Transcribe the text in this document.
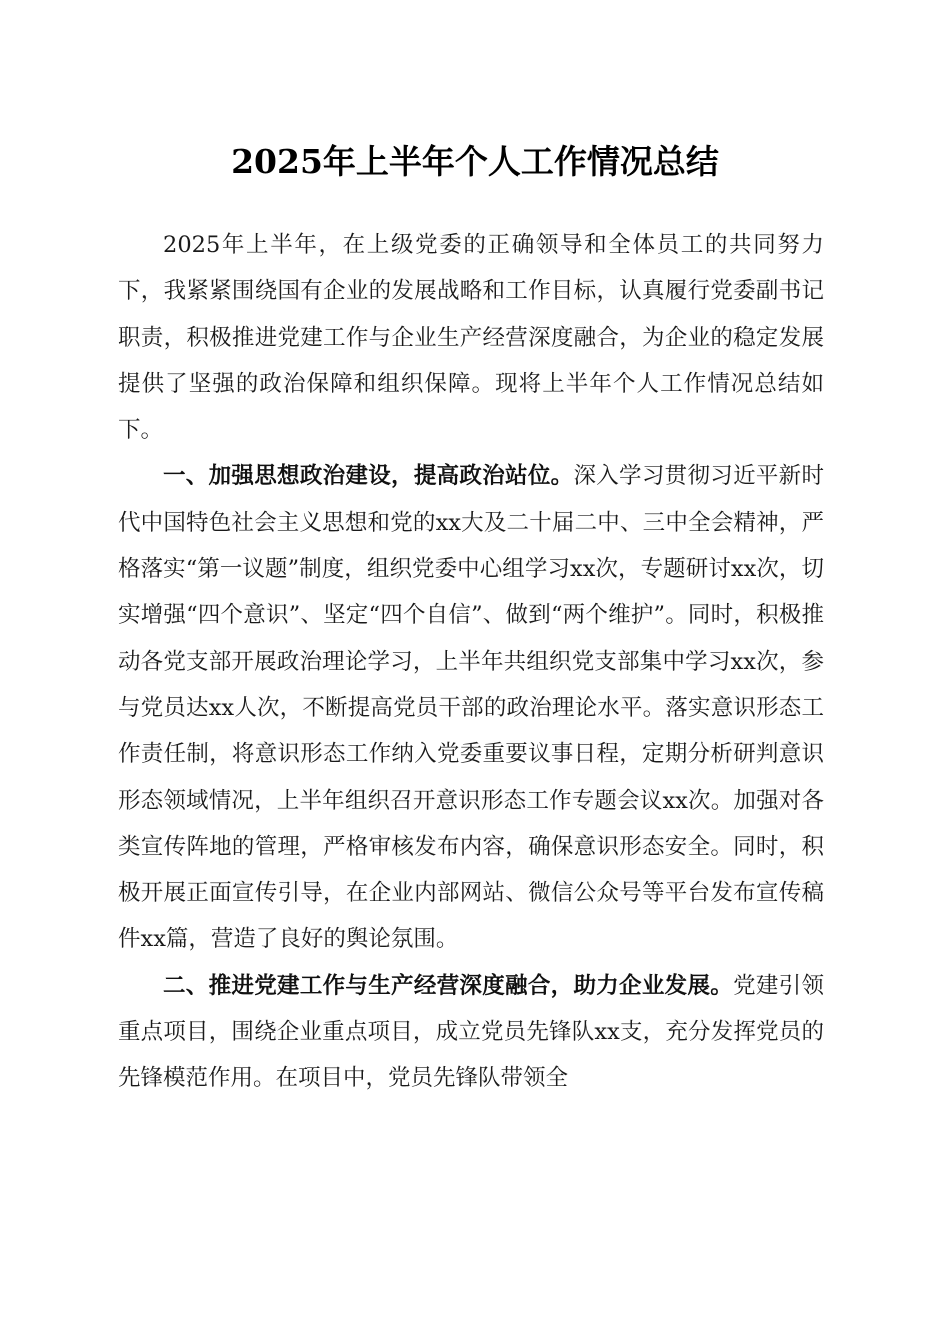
2025年上半年个人工作情况总结

2025年上半年，在上级党委的正确领导和全体员工的共同努力下，我紧紧围绕国有企业的发展战略和工作目标，认真履行党委副书记职责，积极推进党建工作与企业生产经营深度融合，为企业的稳定发展提供了坚强的政治保障和组织保障。现将上半年个人工作情况总结如下。

一、加强思想政治建设，提高政治站位。深入学习贯彻习近平新时代中国特色社会主义思想和党的xx大及二十届二中、三中全会精神，严格落实“第一议题”制度，组织党委中心组学习xx次，专题研讨xx次，切实增强“四个意识”、坚定“四个自信”、做到“两个维护”。同时，积极推动各党支部开展政治理论学习，上半年共组织党支部集中学习xx次，参与党员达xx人次，不断提高党员干部的政治理论水平。落实意识形态工作责任制，将意识形态工作纳入党委重要议事日程，定期分析研判意识形态领域情况，上半年组织召开意识形态工作专题会议xx次。加强对各类宣传阵地的管理，严格审核发布内容，确保意识形态安全。同时，积极开展正面宣传引导，在企业内部网站、微信公众号等平台发布宣传稿件xx篇，营造了良好的舆论氛围。

二、推进党建工作与生产经营深度融合，助力企业发展。党建引领重点项目，围绕企业重点项目，成立党员先锋队xx支，充分发挥党员的先锋模范作用。在项目中，党员先锋队带领全
